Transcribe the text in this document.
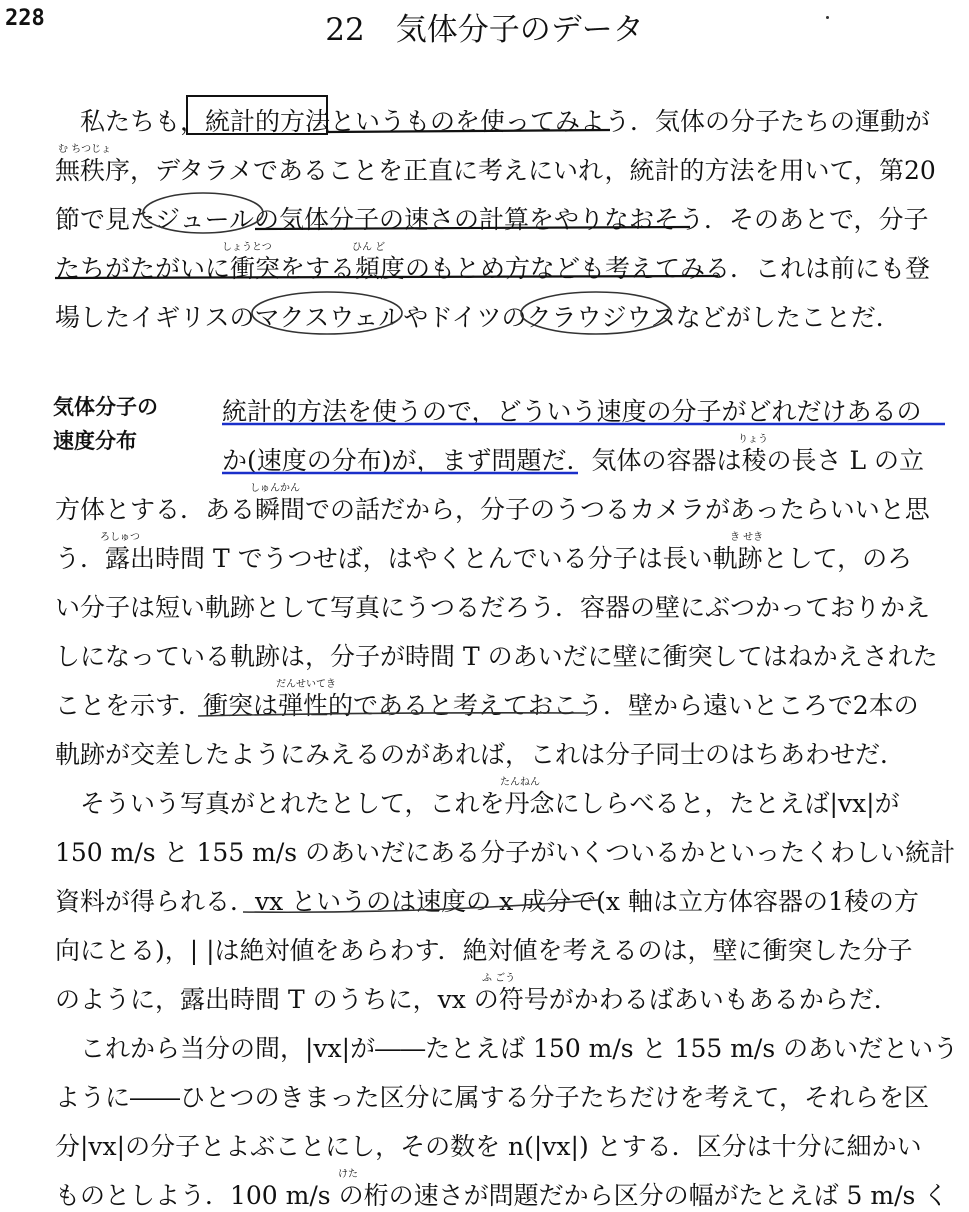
228	22　気体分子のデータ
私たちも，統計的方法というものを使ってみよう．気体の分子たちの運動が
無秩序，デタラメであることを正直に考えにいれ，統計的方法を用いて，第20
節で見たジュールの気体分子の速さの計算をやりなおそう．そのあとで，分子
たちがたがいに衝突をする頻度のもとめ方なども考えてみる．これは前にも登
場したイギリスのマクスウェルやドイツのクラウジウスなどがしたことだ．
気体分子の
速度分布
統計的方法を使うので，どういう速度の分子がどれだけあるの
か(速度の分布)が，まず問題だ．気体の容器は稜の長さ L の立
方体とする．ある瞬間での話だから，分子のうつるカメラがあったらいいと思
う．露出時間 T でうつせば，はやくとんでいる分子は長い軌跡として，のろ
い分子は短い軌跡として写真にうつるだろう．容器の壁にぶつかっておりかえ
しになっている軌跡は，分子が時間 T のあいだに壁に衝突してはねかえされた
ことを示す．衝突は弾性的であると考えておこう．壁から遠いところで2本の
軌跡が交差したようにみえるのがあれば，これは分子同士のはちあわせだ．
そういう写真がとれたとして，これを丹念にしらべると，たとえば|vx|が
150 m/s と 155 m/s のあいだにある分子がいくついるかといったくわしい統計
資料が得られる．vx というのは速度の x 成分で(x 軸は立方体容器の1稜の方
向にとる)，| |は絶対値をあらわす．絶対値を考えるのは，壁に衝突した分子
のように，露出時間 T のうちに，vx の符号がかわるばあいもあるからだ．
これから当分の間，|vx|が――たとえば 150 m/s と 155 m/s のあいだという
ように――ひとつのきまった区分に属する分子たちだけを考えて，それらを区
分|vx|の分子とよぶことにし，その数を n(|vx|) とする．区分は十分に細かい
ものとしよう．100 m/s の桁の速さが問題だから区分の幅がたとえば 5 m/s く
む ちつじょ
しょうとつ	ひん ど
りょう
しゅんかん
ろしゅつ	き せき
だんせいてき
たんねん
ふ ごう
けた
